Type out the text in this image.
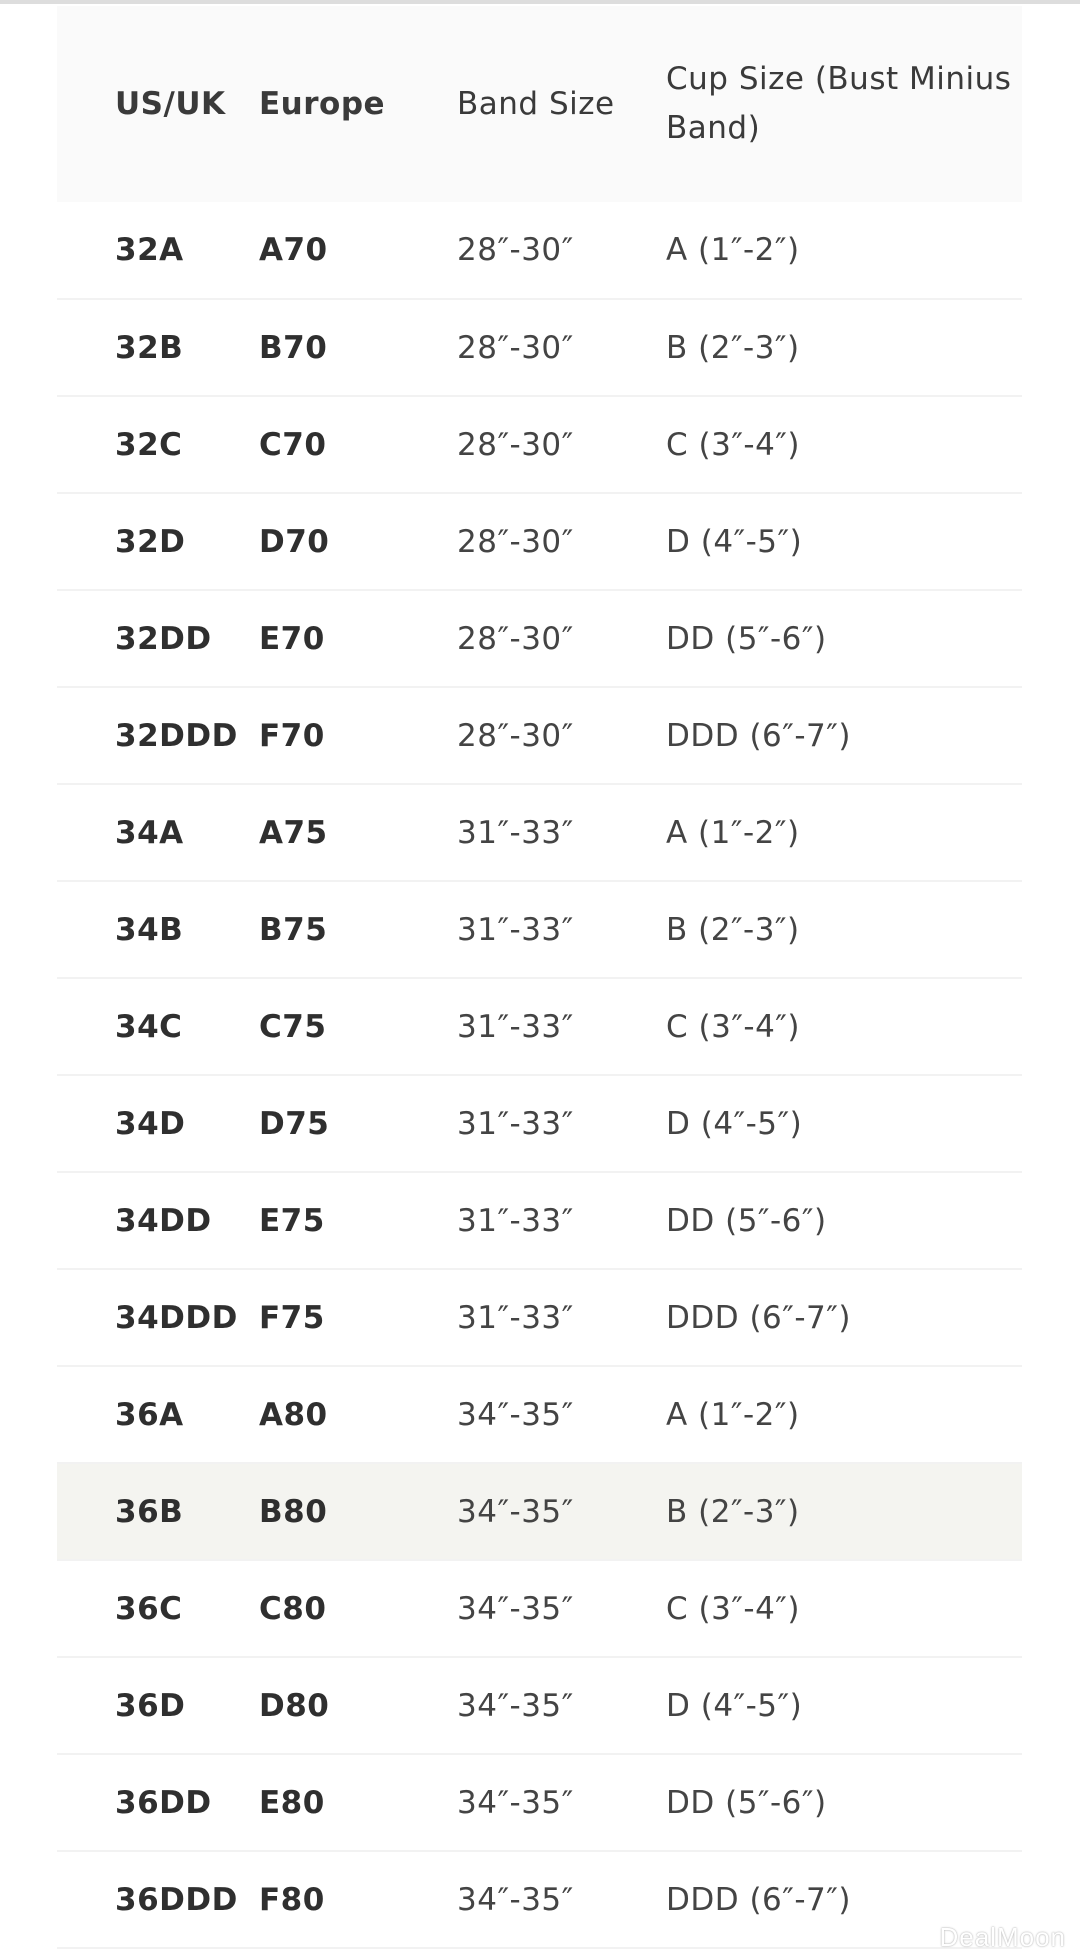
US/UK	Europe	Band Size	Cup Size (Bust Minius Band)
32A	A70	28″-30″	A (1″-2″)
32B	B70	28″-30″	B (2″-3″)
32C	C70	28″-30″	C (3″-4″)
32D	D70	28″-30″	D (4″-5″)
32DD	E70	28″-30″	DD (5″-6″)
32DDD	F70	28″-30″	DDD (6″-7″)
34A	A75	31″-33″	A (1″-2″)
34B	B75	31″-33″	B (2″-3″)
34C	C75	31″-33″	C (3″-4″)
34D	D75	31″-33″	D (4″-5″)
34DD	E75	31″-33″	DD (5″-6″)
34DDD	F75	31″-33″	DDD (6″-7″)
36A	A80	34″-35″	A (1″-2″)
36B	B80	34″-35″	B (2″-3″)
36C	C80	34″-35″	C (3″-4″)
36D	D80	34″-35″	D (4″-5″)
36DD	E80	34″-35″	DD (5″-6″)
36DDD	F80	34″-35″	DDD (6″-7″)
DealMoon
